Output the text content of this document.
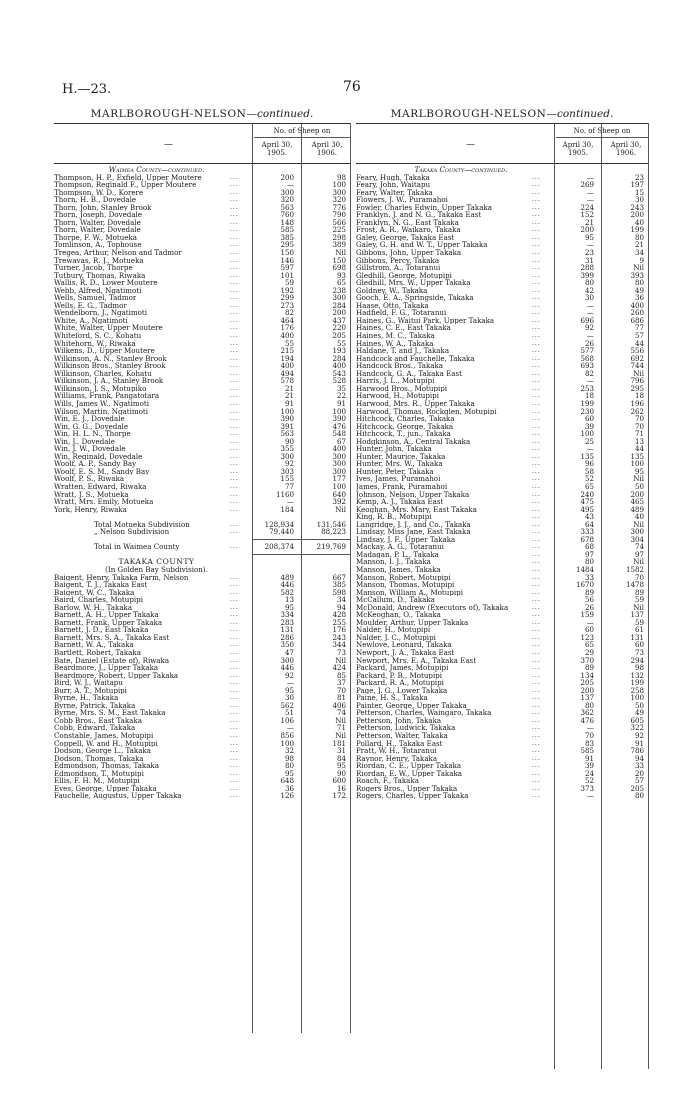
H.—23.	76
MARLBOROUGH-NELSON—continued.
—
No. of Sheep on
April 30,
1905.
April 30,
1906.
Waimea County—continued.
Thompson, H. P., Exfield, Upper Moutere	...	200	98
Thompson, Reginald F., Upper Moutere	...	—	100
Thompson, W. D., Korere	...	300	300
Thorn, H. B., Dovedale	...	320	320
Thorn, John, Stanley Brook	...	563	776
Thorn, Joseph, Dovedale	...	760	790
Thorn, Walter, Dovedale	...	148	566
Thorn, Walter, Dovedale	...	585	225
Thorpe, F. W., Motueka	...	385	298
Tomlinson, A., Tophouse	...	295	389
Tregea, Arthur, Nelson and Tadmor	...	150	Nil
Trewavas, R. J., Motueka	...	146	150
Turner, Jacob, Thorpe	...	597	698
Tutbury, Thomas, Riwaka	...	101	93
Wallis, R. D., Lower Moutere	...	59	65
Webb, Alfred, Ngatimoti	...	192	238
Wells, Samuel, Tadmor	...	299	300
Wells, E. G., Tadmor	...	273	284
Wendelborn, J., Ngatimoti	...	82	200
White, A., Ngatimoti	...	464	437
White, Walter, Upper Moutere	...	176	220
Whiteford, S. C., Kohatu	...	400	205
Whitehorn, W., Riwaka	...	55	55
Wilkens, D., Upper Moutere	...	215	193
Wilkinson, A. N., Stanley Brook	...	194	284
Wilkinson Bros., Stanley Brook	...	400	400
Wilkinson, Charles, Kohatu	...	494	543
Wilkinson, J. A., Stanley Brook	...	578	528
Wilkinson, J. S., Motupiko	...	21	35
Williams, Frank, Pangatotara	...	21	22
Wills, James W., Ngatimoti	...	91	91
Wilson, Martin, Ngatimoti	...	100	100
Win, E. J., Dovedale	...	390	390
Win, G. G., Dovedale	...	391	476
Win, H. L. N., Thorpe	...	563	548
Win, J., Dovedale	...	90	67
Win, J. W., Dovedale	...	355	400
Win, Reginald, Dovedale	...	300	300
Woolf, A. P., Sandy Bay	...	92	300
Woolf, E. S. M., Sandy Bay	...	303	300
Woolf, P. S., Riwaka	...	155	177
Wratten, Edward, Riwaka	...	77	100
Wratt, J. S., Motueka	...	1160	640
Wratt, Mrs. Emily, Motueka	...	—	392
York, Henry, Riwaka	...	184	Nil
Total Motueka Subdivision	...	128,934	131,546
„ Nelson Subdivision	...	79,440	88,223
Total in Waimea County	...	208,374	219,769
TAKAKA COUNTY
(In Golden Bay Subdivision).
Baigent, Henry, Takaka Farm, Nelson	...	489	667
Baigent, T. J., Takaka East	...	446	385
Baigent, W. C., Takaka	...	582	598
Baird, Charles, Motupipi	...	13	34
Barlow, W. H., Takaka	...	95	94
Barnett, A. H., Upper Takaka	...	334	428
Barnett, Frank, Upper Takaka	...	283	255
Barnett, J. D., East Takaka	...	131	176
Barnett, Mrs. S. A., Takaka East	...	286	243
Barnett, W. A., Takaka	...	350	344
Bartlett, Robert, Takaka	...	47	73
Bate, Daniel (Estate of), Riwaka	...	300	Nil
Beardmore, J., Upper Takaka	...	446	424
Beardmore, Robert, Upper Takaka	...	92	85
Bird, W. J., Waitapu	...	—	37
Burr, A. T., Motupipi	...	95	70
Byrne, H., Takaka	...	30	81
Byrne, Patrick, Takaka	...	562	406
Byrne, Mrs. S. M., East Takaka	...	51	74
Cobb Bros., East Takaka	...	106	Nil
Cobb, Edward, Takaka	...	—	71
Constable, James, Motupipi	...	856	Nil
Coppell, W. and H., Motupipi	...	100	181
Dodson, George L., Takaka	...	32	31
Dodson, Thomas, Takaka	...	98	84
Edmondson, Thomas, Takaka	...	80	95
Edmondson, T., Motupipi	...	95	90
Ellis, F. H. M., Motupipi	...	648	600
Eves, George, Upper Takaka	...	36	16
Fauchelle, Augustus, Upper Takaka	...	126	172
MARLBOROUGH-NELSON—continued.
—
No. of Sheep on
April 30,
1905.
April 30,
1906.
Takaka County—continued.
Feary, Hugh, Takaka	...	—	23
Feary, John, Waitapu	...	269	197
Feary, Walter, Takaka	...	—	15
Flowers, J. W., Puramahoi	...	—	30
Fowler, Charles Edwin, Upper Takaka	...	224	243
Franklyn, J. and N. G., Takaka East	...	152	200
Franklyn, N. G., East Takaka	...	21	40
Frost, A. R., Waikaro, Takaka	...	200	199
Galey, George, Takaka East	...	95	80
Galey, G. H. and W. T., Upper Takaka	...	—	21
Gibbons, John, Upper Takaka	...	23	34
Gibbons, Percy, Takaka	...	31	9
Gillstrom, A., Totaranui	...	288	Nil
Gledhill, George, Motupipi	...	399	393
Gledhill, Mrs. W., Upper Takaka	...	80	80
Goldney, W., Takaka	...	42	49
Gooch, E. A., Springside, Takaka	...	30	36
Haase, Otto, Takaka	...	—	400
Hadfield, F. G., Totaranui	...	—	260
Haines, G., Waitui Park, Upper Takaka	...	696	686
Haines, C. E., East Takaka	...	92	77
Haines, M. C., Takaka	...	—	57
Haines, W. A., Takaka	...	26	44
Haldane, T. and J., Takaka	...	577	556
Handcock and Fauchelle, Takaka	...	568	692
Handcock Bros., Takaka	...	693	744
Handcock, G. A., Takaka East	...	82	Nil
Harris, J. L., Motupipi	...	—	796
Harwood Bros., Motupipi	...	253	295
Harwood, H., Motupipi	...	18	18
Harwood, Mrs. R., Upper Takaka	...	199	196
Harwood, Thomas, Rockglen, Motupipi	...	230	262
Hitchcock, Charles, Takaka	...	60	70
Hitchcock, George, Takaka	...	39	70
Hitchcock, T., jun., Takaka	...	100	71
Hodgkinson, A., Central Takaka	...	25	13
Hunter, John, Takaka	...	—	44
Hunter, Maurice, Takaka	...	135	135
Hunter, Mrs. W., Takaka	...	96	100
Hunter, Peter, Takaka	...	58	95
Ives, James, Puramahoi	...	52	Nil
James, Frank, Puramahoi	...	65	50
Johnson, Nelson, Upper Takaka	...	240	200
Kemp, A. J., Takaka East	...	475	465
Keoghan, Mrs. Mary, East Takaka	...	495	489
King, R. B., Motupipi	...	43	40
Langridge, J. J., and Co., Takaka	...	64	Nil
Lindsay, Miss Jane, East Takaka	...	333	300
Lindsay, J. F., Upper Takaka	...	678	304
Mackay, A. G., Totaranui	...	68	74
Madagan, P. L., Takaka	...	97	97
Manson, I. J., Takaka	...	80	Nil
Manson, James, Takaka	...	1484	1582
Manson, Robert, Motupipi	...	33	70
Manson, Thomas, Motupipi	...	1670	1478
Manson, William A., Motupipi	...	89	89
McCallum, D., Takaka	...	56	59
McDonald, Andrew (Executors of), Takaka	...	26	Nil
McKeoghan, O., Takaka	...	159	137
Moulder, Arthur, Upper Takaka	...	—	59
Nalder, H., Motupipi	...	60	61
Nalder, J. C., Motupipi	...	123	131
Newlove, Leonard, Takaka	...	65	60
Newport, J. A., Takaka East	...	29	73
Newport, Mrs. E. A., Takaka East	...	370	294
Packard, James, Motupipi	...	89	98
Packard, P. B., Motupipi	...	134	132
Packard, R. A., Motupipi	...	205	199
Page, J. G., Lower Takaka	...	200	258
Paine, H. S., Takaka	...	137	100
Painter, George, Upper Takaka	...	80	50
Petterson, Charles, Waingaro, Takaka	...	362	49
Petterson, John, Takaka	...	476	605
Petterson, Ludwick, Takaka	...	—	322
Petterson, Walter, Takaka	...	70	92
Pollard, H., Takaka East	...	83	91
Pratt, W. H., Totaranui	...	585	786
Raynor, Henry, Takaka	...	91	94
Riordan, C. E., Upper Takaka	...	39	33
Riordan, E. W., Upper Takaka	...	24	20
Roach, F., Takaka	...	52	57
Rogers Bros., Upper Takaka	...	373	205
Rogers, Charles, Upper Takaka	...	—	80
